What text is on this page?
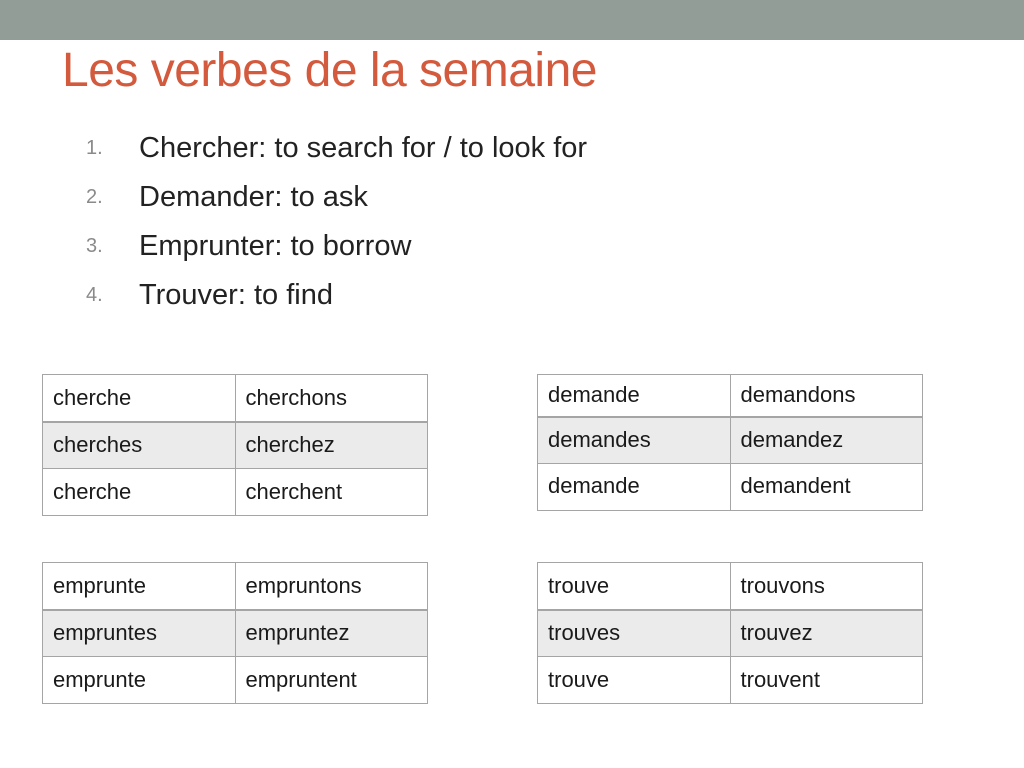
Les verbes de la semaine
1.	Chercher: to search for / to look for
2.	Demander: to ask
3.	Emprunter: to borrow
4.	Trouver: to find
cherche	cherchons
cherches	cherchez
cherche	cherchent
demande	demandons
demandes	demandez
demande	demandent
emprunte	empruntons
empruntes	empruntez
emprunte	empruntent
trouve	trouvons
trouves	trouvez
trouve	trouvent
